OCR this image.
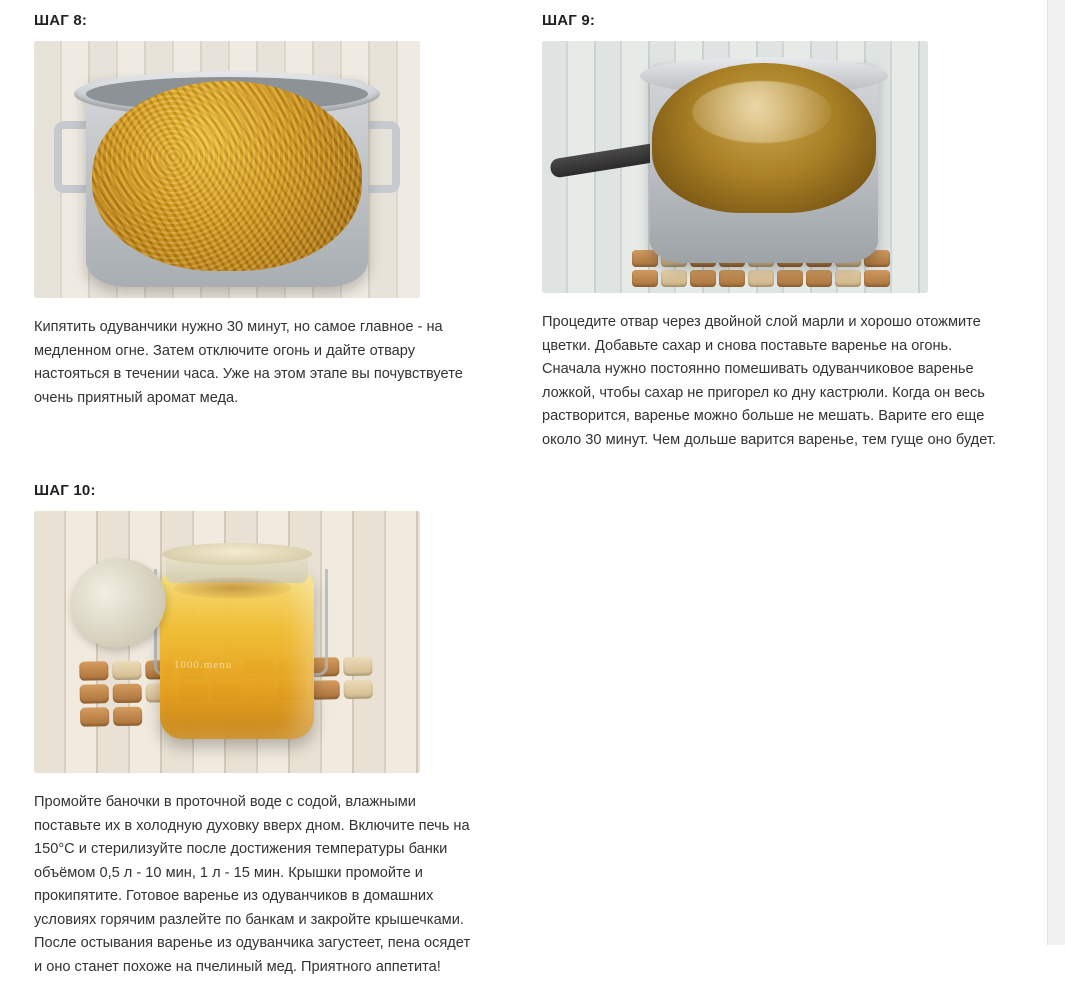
ШАГ 8:
Кипятить одуванчики нужно 30 минут, но самое главное - на медленном огне. Затем отключите огонь и дайте отвару настояться в течении часа. Уже на этом этапе вы почувствуете очень приятный аромат меда.
ШАГ 9:
Процедите отвар через двойной слой марли и хорошо отожмите цветки. Добавьте сахар и снова поставьте варенье на огонь. Сначала нужно постоянно помешивать одуванчиковое варенье ложкой, чтобы сахар не пригорел ко дну кастрюли. Когда он весь растворится, варенье можно больше не мешать. Варите его еще около 30 минут. Чем дольше варится варенье, тем гуще оно будет.
ШАГ 10:
1000.menu
Промойте баночки в проточной воде с содой, влажными поставьте их в холодную духовку вверх дном. Включите печь на 150°С и стерилизуйте после достижения температуры банки объёмом 0,5 л - 10 мин, 1 л - 15 мин. Крышки промойте и прокипятите. Готовое варенье из одуванчиков в домашних условиях горячим разлейте по банкам и закройте крышечками. После остывания варенье из одуванчика загустеет, пена осядет и оно станет похоже на пчелиный мед. Приятного аппетита!
